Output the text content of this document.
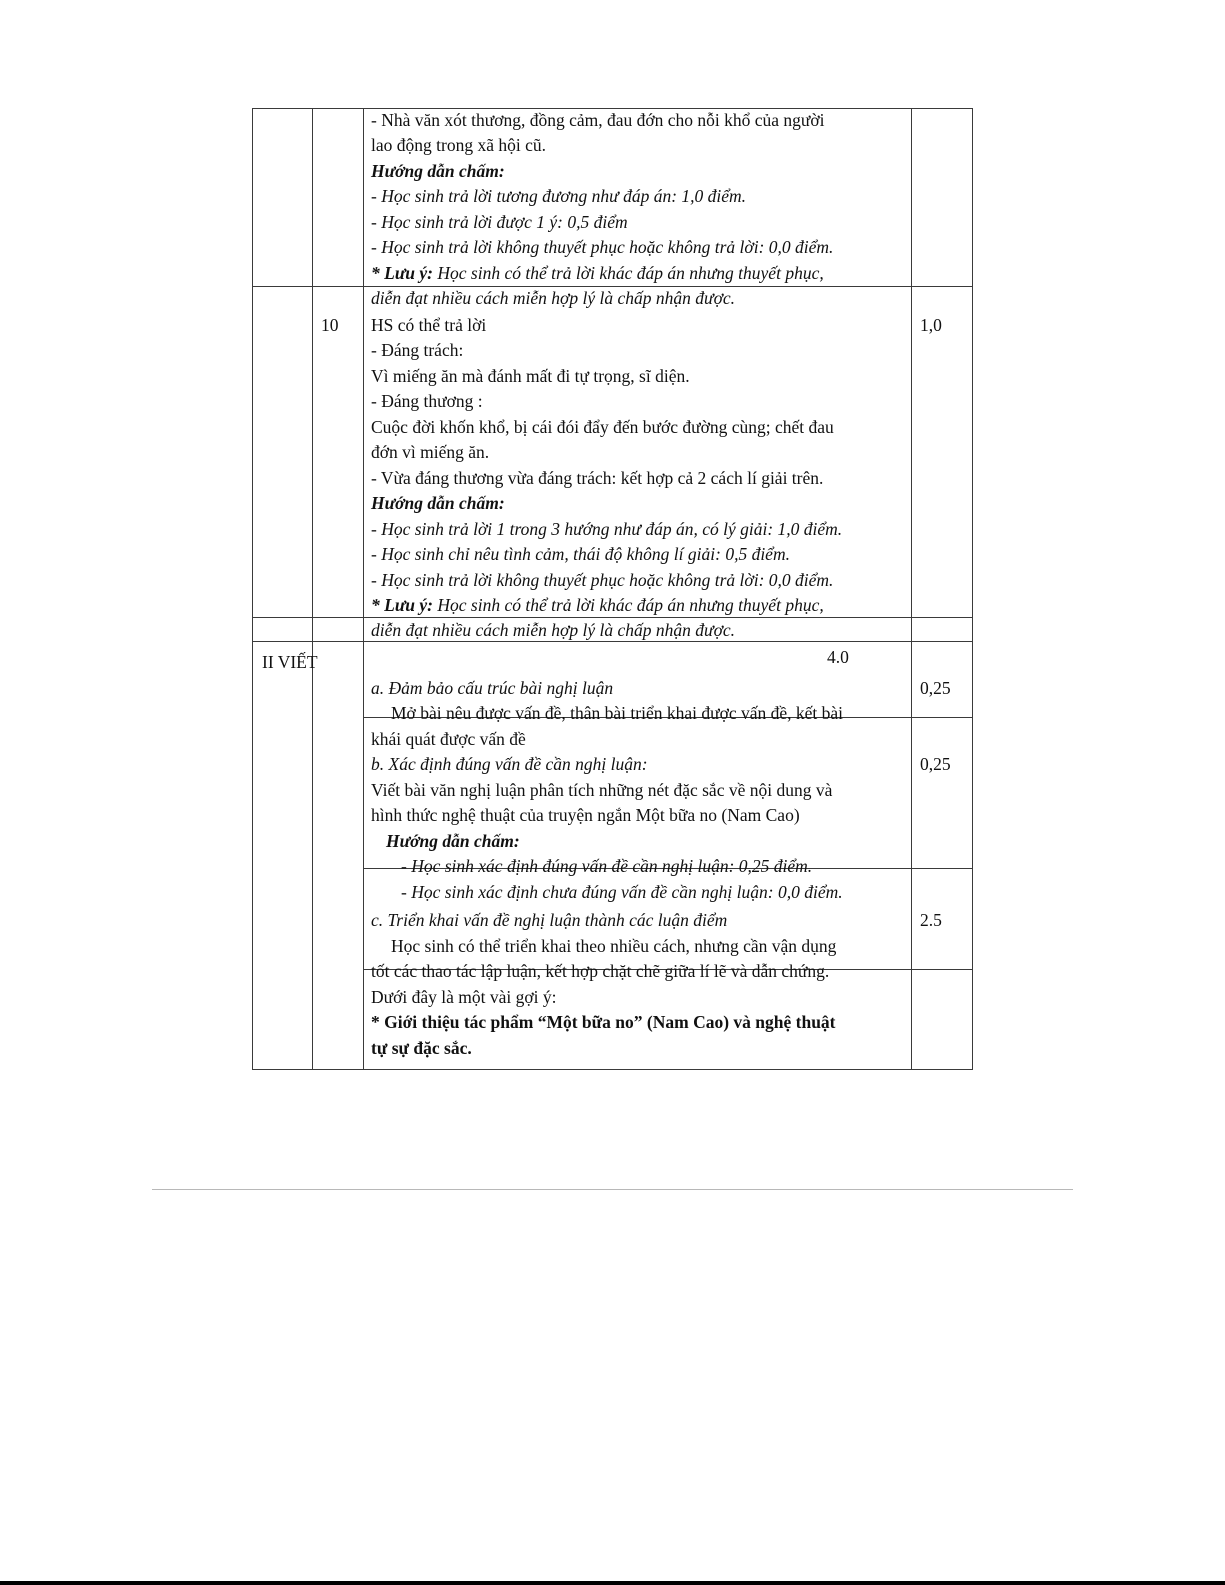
10
II VIẾT
1,0
0,25
0,25
2.5
- Nhà văn xót thương, đồng cảm, đau đớn cho nỗi khổ của người
lao động trong xã hội cũ.
Hướng dẫn chấm:
- Học sinh trả lời tương đương như đáp án: 1,0 điểm.
- Học sinh trả lời được 1 ý: 0,5 điểm
- Học sinh trả lời không thuyết phục hoặc không trả lời: 0,0 điểm.
* Lưu ý: Học sinh có thể trả lời khác đáp án nhưng thuyết phục,
diễn đạt nhiều cách miễn hợp lý là chấp nhận được.
HS có thể trả lời
- Đáng trách:
Vì miếng ăn mà đánh mất đi tự trọng, sĩ diện.
- Đáng thương :
Cuộc đời khốn khổ, bị cái đói đẩy đến bước đường cùng; chết đau
đớn vì miếng ăn.
- Vừa đáng thương vừa đáng trách: kết hợp cả 2 cách lí giải trên.
Hướng dẫn chấm:
- Học sinh trả lời 1 trong 3 hướng như đáp án, có lý giải: 1,0 điểm.
- Học sinh chỉ nêu tình cảm, thái độ không lí giải: 0,5 điểm.
- Học sinh trả lời không thuyết phục hoặc không trả lời: 0,0 điểm.
* Lưu ý: Học sinh có thể trả lời khác đáp án nhưng thuyết phục,
diễn đạt nhiều cách miễn hợp lý là chấp nhận được.
4.0
a. Đảm bảo cấu trúc bài nghị luận
Mở bài nêu được vấn đề, thân bài triển khai được vấn đề, kết bài
khái quát được vấn đề
b. Xác định đúng vấn đề cần nghị luận:
Viết bài văn nghị luận phân tích những nét đặc sắc về nội dung và
hình thức nghệ thuật của truyện ngắn Một bữa no (Nam Cao)
Hướng dẫn chấm:
- Học sinh xác định đúng vấn đề cần nghị luận: 0,25 điểm.
- Học sinh xác định chưa đúng vấn đề cần nghị luận: 0,0 điểm.
c. Triển khai vấn đề nghị luận thành các luận điểm
Học sinh có thể triển khai theo nhiều cách, nhưng cần vận dụng
tốt các thao tác lập luận, kết hợp chặt chẽ giữa lí lẽ và dẫn chứng.
Dưới đây là một vài gợi ý:
* Giới thiệu tác phẩm “Một bữa no” (Nam Cao) và nghệ thuật
tự sự đặc sắc.
